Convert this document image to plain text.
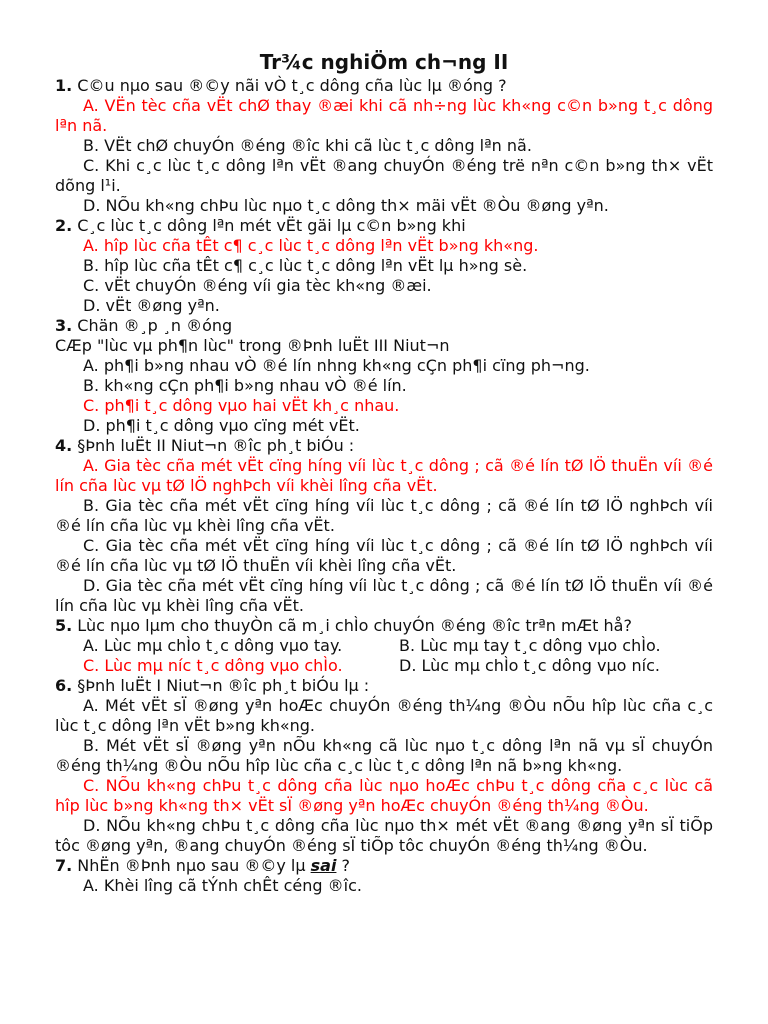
Tr¾c nghiÖm ch¬ng II
1. C©u nµo sau ®©y nãi vÒ t¸c dông cña lùc lµ ®óng ?
A. VËn tèc cña vËt chØ thay ®æi khi cã nh÷ng lùc kh«ng c©n b»ng t¸c dông lªn nã.
B. VËt chØ chuyÓn ®éng ®îc khi cã lùc t¸c dông lªn nã.
C. Khi c¸c lùc t¸c dông lªn vËt ®ang chuyÓn ®éng trë nªn c©n b»ng th× vËt dõng l¹i.
D. NÕu kh«ng chÞu lùc nµo t¸c dông th× mäi vËt ®Òu ®øng yªn.
2. C¸c lùc t¸c dông lªn mét vËt gäi lµ c©n b»ng khi
A. hîp lùc cña tÊt c¶ c¸c lùc t¸c dông lªn vËt b»ng kh«ng.
B. hîp lùc cña tÊt c¶ c¸c lùc t¸c dông lªn vËt lµ h»ng sè.
C. vËt chuyÓn ®éng víi gia tèc kh«ng ®æi.
D. vËt ®øng yªn.
3. Chän ®¸p ¸n ®óng
CÆp "lùc vµ ph¶n lùc" trong ®Þnh luËt III Niut¬n
A. ph¶i b»ng nhau vÒ ®é lín nhng kh«ng cÇn ph¶i cïng ph¬ng.
B. kh«ng cÇn ph¶i b»ng nhau vÒ ®é lín.
C. ph¶i t¸c dông vµo hai vËt kh¸c nhau.
D. ph¶i t¸c dông vµo cïng mét vËt.
4. §Þnh luËt II Niut¬n ®îc ph¸t biÓu :
A. Gia tèc cña mét vËt cïng híng víi lùc t¸c dông ; cã ®é lín tØ lÖ thuËn víi ®é lín cña lùc vµ tØ lÖ nghÞch víi khèi lîng cña vËt.
B. Gia tèc cña mét vËt cïng híng víi lùc t¸c dông ; cã ®é lín tØ lÖ nghÞch víi ®é lín cña lùc vµ khèi lîng cña vËt.
C. Gia tèc cña mét vËt cïng híng víi lùc t¸c dông ; cã ®é lín tØ lÖ nghÞch víi ®é lín cña lùc vµ tØ lÖ thuËn víi khèi lîng cña vËt.
D. Gia tèc cña mét vËt cïng híng víi lùc t¸c dông ; cã ®é lín tØ lÖ thuËn víi ®é lín cña lùc vµ khèi lîng cña vËt.
5. Lùc nµo lµm cho thuyÒn cã m¸i chÌo chuyÓn ®éng ®îc trªn mÆt hå?
A. Lùc mµ chÌo t¸c dông vµo tay.	B. Lùc mµ tay t¸c dông vµo chÌo.
C. Lùc mµ níc t¸c dông vµo chÌo.	D. Lùc mµ chÌo t¸c dông vµo níc.
6. §Þnh luËt I Niut¬n ®îc ph¸t biÓu lµ :
A. Mét vËt sÏ ®øng yªn hoÆc chuyÓn ®éng th¼ng ®Òu nÕu hîp lùc cña c¸c lùc t¸c dông lªn vËt b»ng kh«ng.
B. Mét vËt sÏ ®øng yªn nÕu kh«ng cã lùc nµo t¸c dông lªn nã vµ sÏ chuyÓn ®éng th¼ng ®Òu nÕu hîp lùc cña c¸c lùc t¸c dông lªn nã b»ng kh«ng.
C. NÕu kh«ng chÞu t¸c dông cña lùc nµo hoÆc chÞu t¸c dông cña c¸c lùc cã hîp lùc b»ng kh«ng th× vËt sÏ ®øng yªn hoÆc chuyÓn ®éng th¼ng ®Òu.
D. NÕu kh«ng chÞu t¸c dông cña lùc nµo th× mét vËt ®ang ®øng yªn sÏ tiÕp tôc ®øng yªn, ®ang chuyÓn ®éng sÏ tiÕp tôc chuyÓn ®éng th¼ng ®Òu.
7. NhËn ®Þnh nµo sau ®©y lµ sai ?
A. Khèi lîng cã tÝnh chÊt céng ®îc.
